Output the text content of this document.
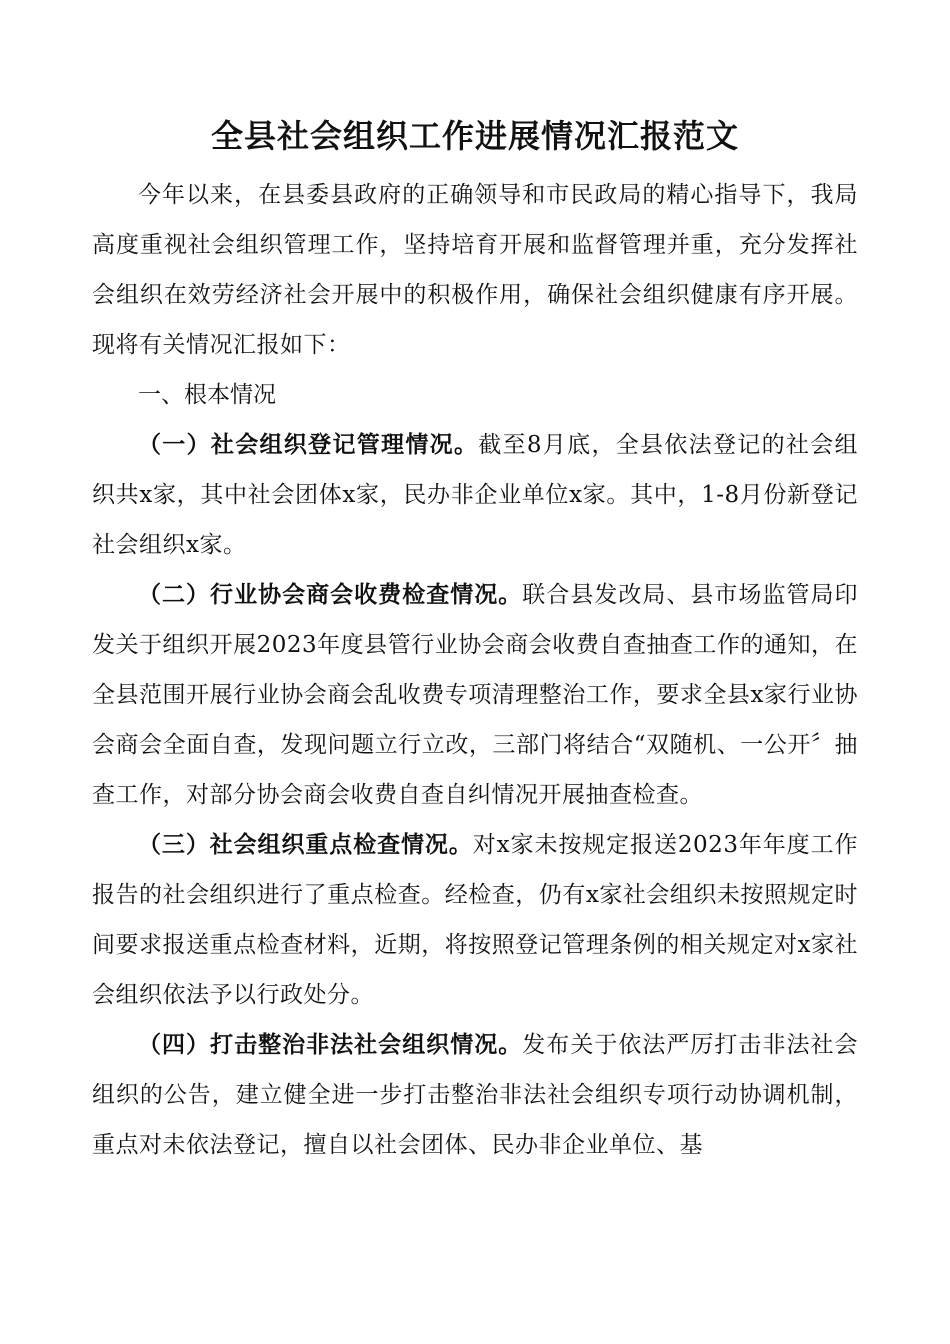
全县社会组织工作进展情况汇报范文

今年以来，在县委县政府的正确领导和市民政局的精心指导下，我局高度重视社会组织管理工作，坚持培育开展和监督管理并重，充分发挥社会组织在效劳经济社会开展中的积极作用，确保社会组织健康有序开展。现将有关情况汇报如下：

一、根本情况

（一）社会组织登记管理情况。截至8月底，全县依法登记的社会组织共x家，其中社会团体x家，民办非企业单位x家。其中，1-8月份新登记社会组织x家。

（二）行业协会商会收费检查情况。联合县发改局、县市场监管局印发关于组织开展2023年度县管行业协会商会收费自查抽查工作的通知，在全县范围开展行业协会商会乱收费专项清理整治工作，要求全县x家行业协会商会全面自查，发现问题立行立改，三部门将结合“双随机、一公开〞抽查工作，对部分协会商会收费自查自纠情况开展抽查检查。

（三）社会组织重点检查情况。对x家未按规定报送2023年年度工作报告的社会组织进行了重点检查。经检查，仍有x家社会组织未按照规定时间要求报送重点检查材料，近期，将按照登记管理条例的相关规定对x家社会组织依法予以行政处分。

（四）打击整治非法社会组织情况。发布关于依法严厉打击非法社会组织的公告，建立健全进一步打击整治非法社会组织专项行动协调机制，重点对未依法登记，擅自以社会团体、民办非企业单位、基
